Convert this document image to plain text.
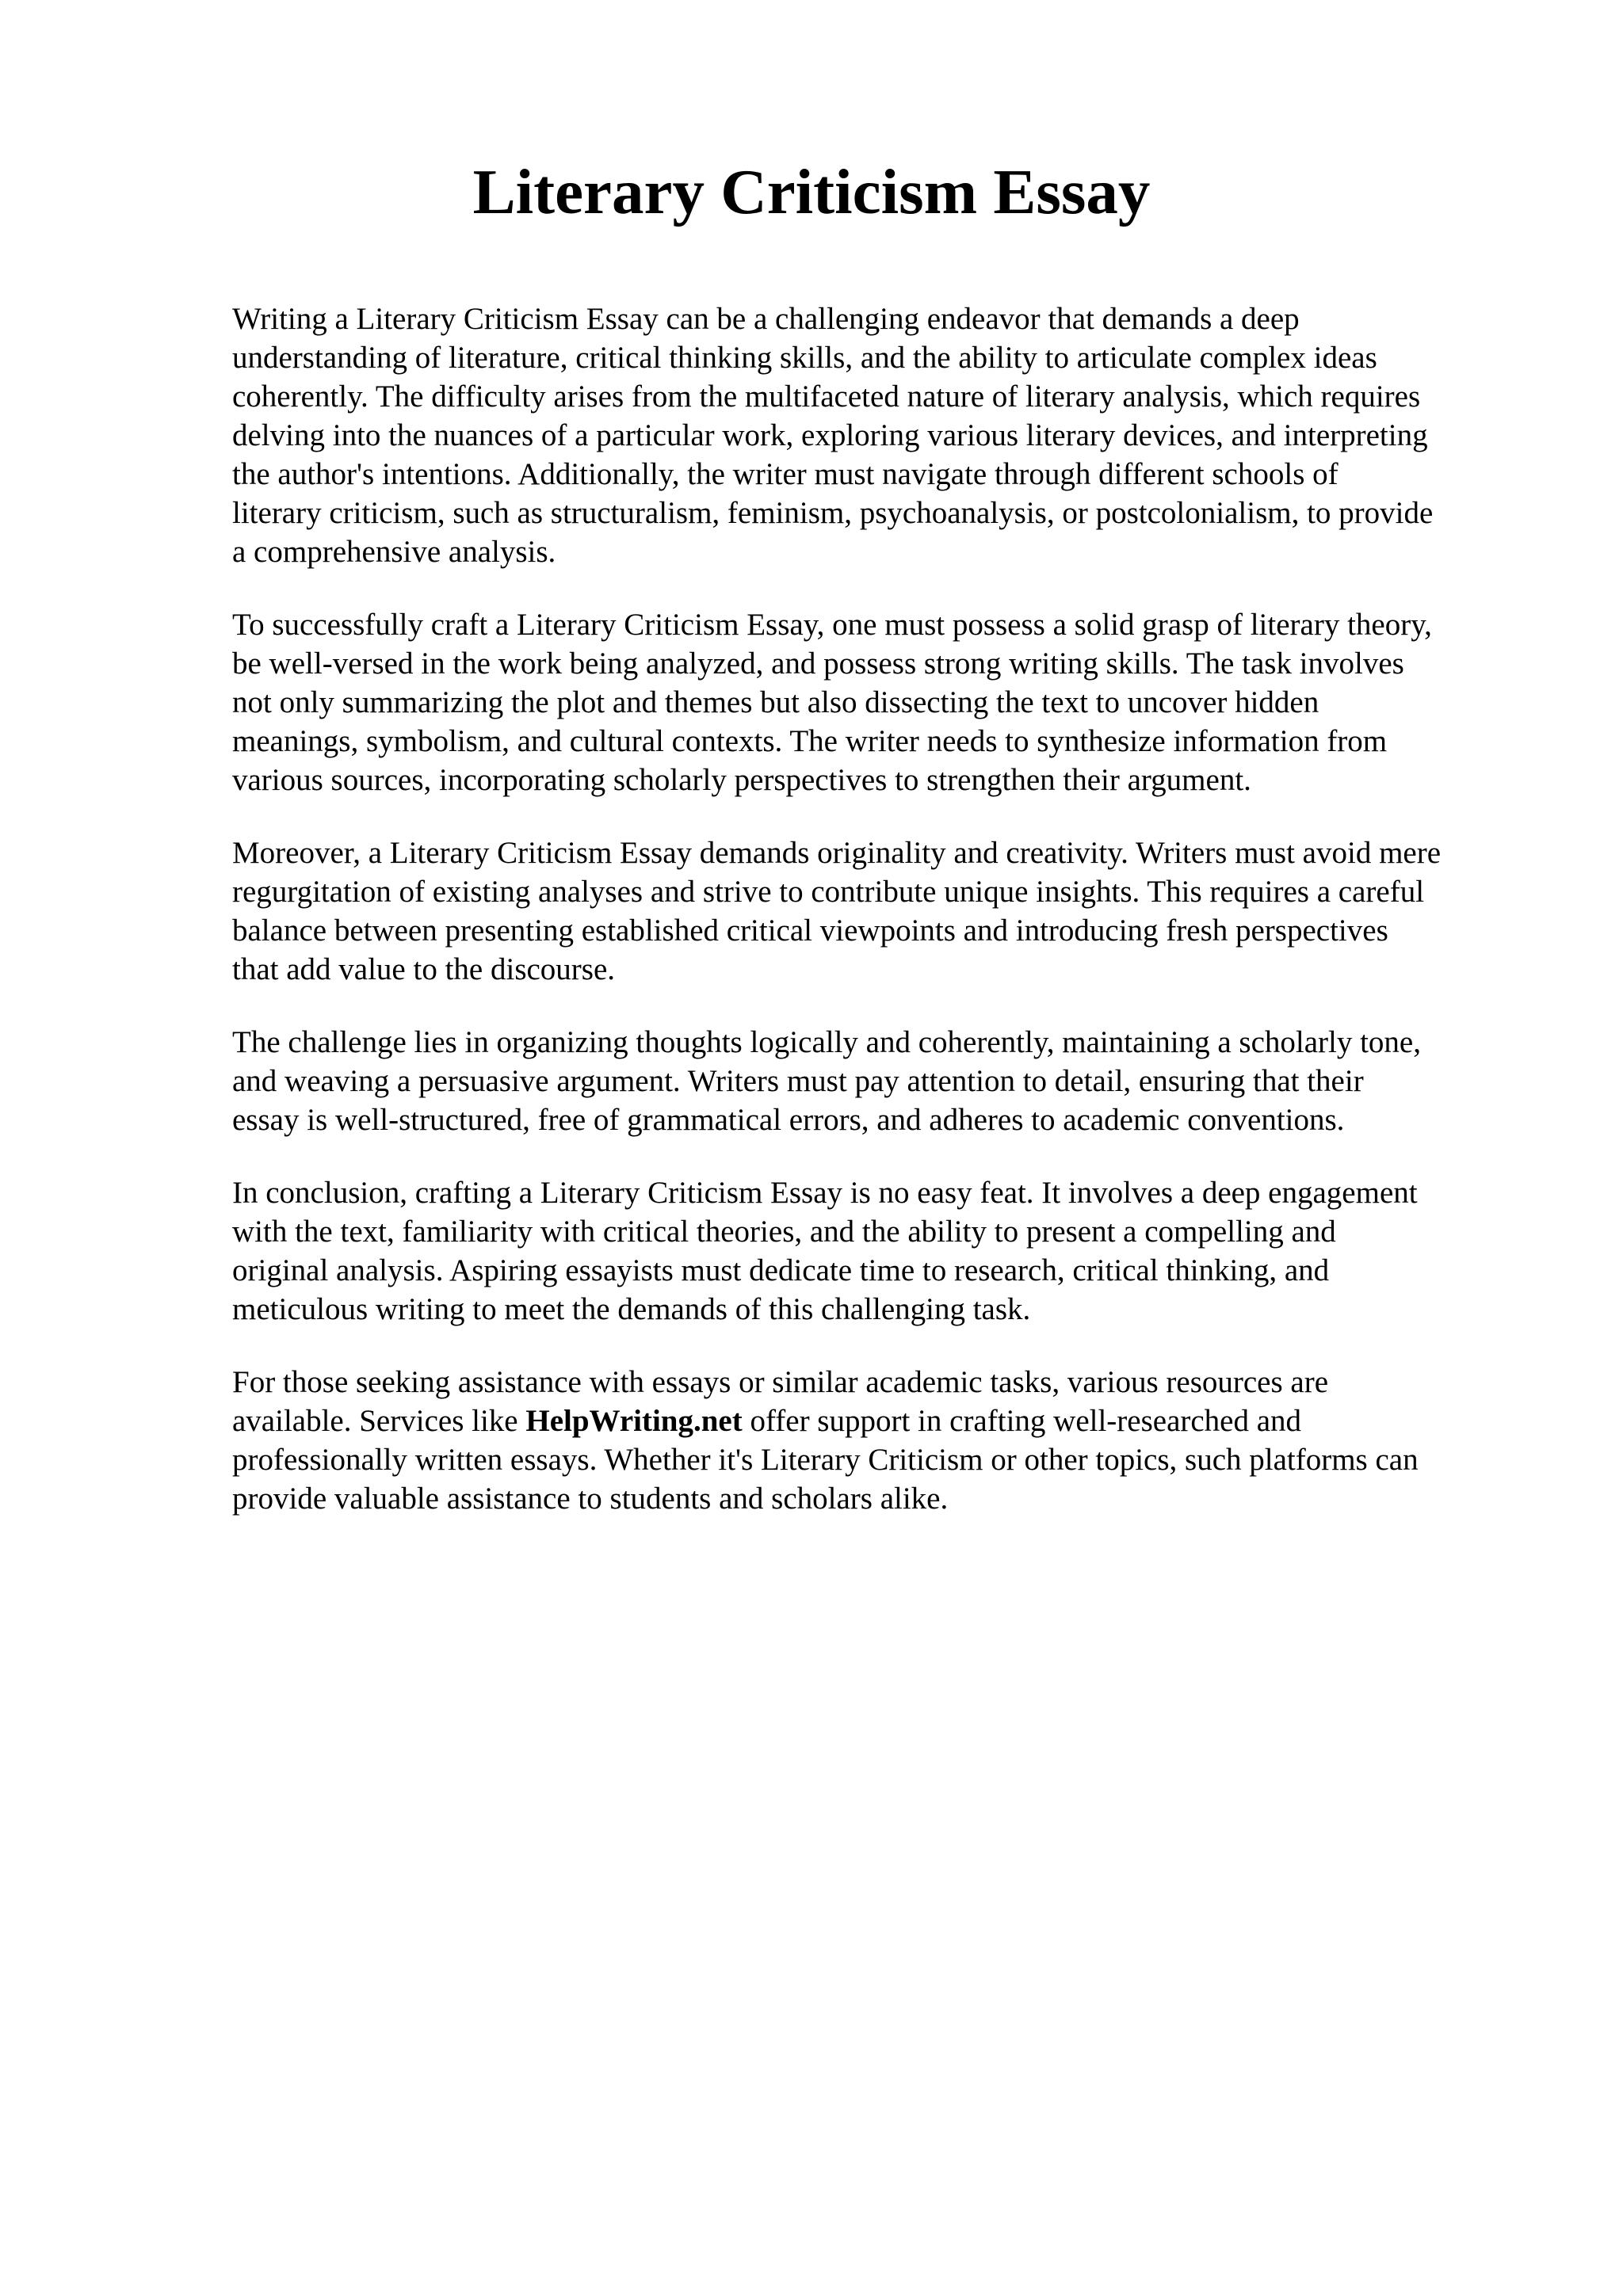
Literary Criticism Essay

Writing a Literary Criticism Essay can be a challenging endeavor that demands a deep
understanding of literature, critical thinking skills, and the ability to articulate complex ideas
coherently. The difficulty arises from the multifaceted nature of literary analysis, which requires
delving into the nuances of a particular work, exploring various literary devices, and interpreting
the author's intentions. Additionally, the writer must navigate through different schools of
literary criticism, such as structuralism, feminism, psychoanalysis, or postcolonialism, to provide
a comprehensive analysis.

To successfully craft a Literary Criticism Essay, one must possess a solid grasp of literary theory,
be well-versed in the work being analyzed, and possess strong writing skills. The task involves
not only summarizing the plot and themes but also dissecting the text to uncover hidden
meanings, symbolism, and cultural contexts. The writer needs to synthesize information from
various sources, incorporating scholarly perspectives to strengthen their argument.

Moreover, a Literary Criticism Essay demands originality and creativity. Writers must avoid mere
regurgitation of existing analyses and strive to contribute unique insights. This requires a careful
balance between presenting established critical viewpoints and introducing fresh perspectives
that add value to the discourse.

The challenge lies in organizing thoughts logically and coherently, maintaining a scholarly tone,
and weaving a persuasive argument. Writers must pay attention to detail, ensuring that their
essay is well-structured, free of grammatical errors, and adheres to academic conventions.

In conclusion, crafting a Literary Criticism Essay is no easy feat. It involves a deep engagement
with the text, familiarity with critical theories, and the ability to present a compelling and
original analysis. Aspiring essayists must dedicate time to research, critical thinking, and
meticulous writing to meet the demands of this challenging task.

For those seeking assistance with essays or similar academic tasks, various resources are
available. Services like HelpWriting.net offer support in crafting well-researched and
professionally written essays. Whether it's Literary Criticism or other topics, such platforms can
provide valuable assistance to students and scholars alike.
